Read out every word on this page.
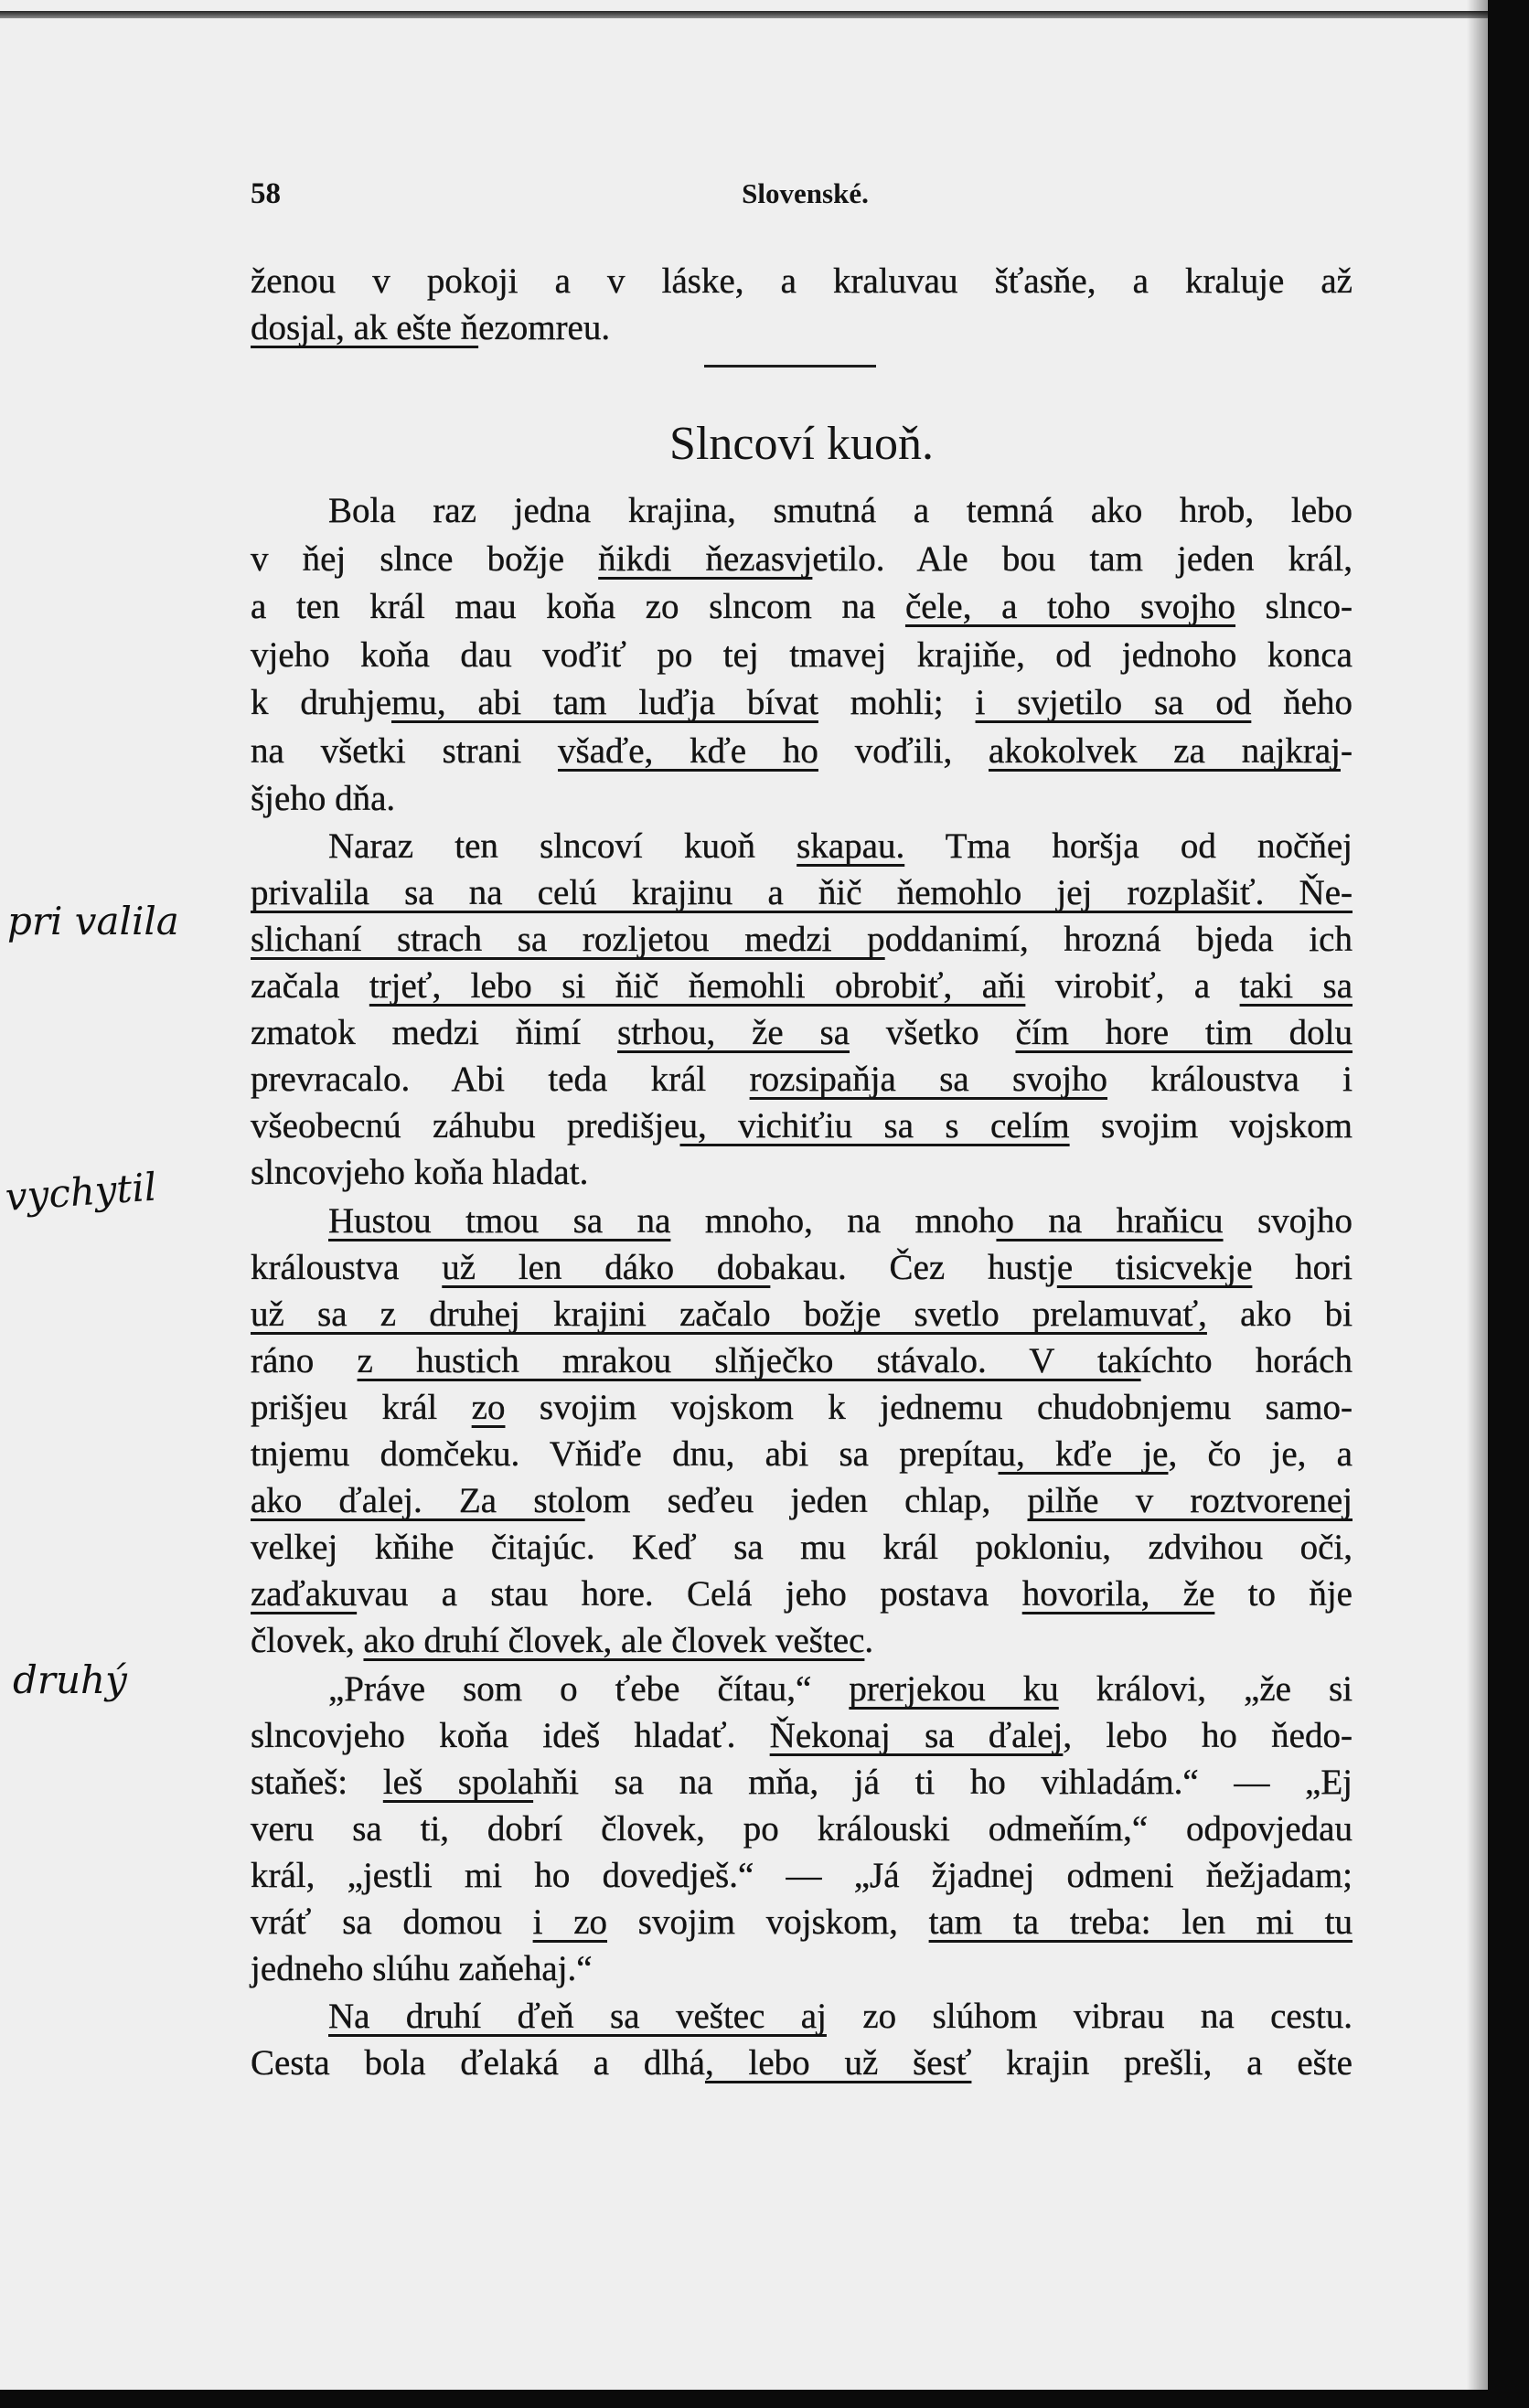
58	Slovenské.
ženou v pokoji a v láske, a kraluvau šťasňe, a kraluje až
dosjal, ak ešte ňezomreu.
Slncoví kuoň.
Bola raz jedna krajina, smutná a temná ako hrob, lebo
v ňej slnce božje ňikdi ňezasvjetilo. Ale bou tam jeden král,
a ten král mau koňa zo slncom na čele, a toho svojho slnco-
vjeho koňa dau voďiť po tej tmavej krajiňe, od jednoho konca
k druhjemu, abi tam luďja bívat mohli; i svjetilo sa od ňeho
na všetki strani všaďe, kďe ho voďili, akokolvek za najkraj-
šjeho dňa.
Naraz ten slncoví kuoň skapau. Tma horšja od nočňej
privalila sa na celú krajinu a ňič ňemohlo jej rozplašiť. Ňe-
slichaní strach sa rozljetou medzi poddanimí, hrozná bjeda ich
začala trjeť, lebo si ňič ňemohli obrobiť, aňi virobiť, a taki sa
zmatok medzi ňimí strhou, že sa všetko čím hore tim dolu
prevracalo. Abi teda král rozsipaňja sa svojho králoustva i
všeobecnú záhubu predišjeu, vichiťiu sa s celím svojim vojskom
slncovjeho koňa hladat.
Hustou tmou sa na mnoho, na mnoho na hraňicu svojho
králoustva už len dáko dobakau. Čez hustje tisicvekje hori
už sa z druhej krajini začalo božje svetlo prelamuvať, ako bi
ráno z hustich mrakou slňječko stávalo. V takíchto horách
prišjeu král zo svojim vojskom k jednemu chudobnjemu samo-
tnjemu domčeku. Vňiďe dnu, abi sa prepítau, kďe je, čo je, a
ako ďalej. Za stolom seďeu jeden chlap, pilňe v roztvorenej
velkej kňihe čitajúc. Keď sa mu král pokloniu, zdvihou oči,
zaďakuvau a stau hore. Celá jeho postava hovorila, že to ňje
človek, ako druhí človek, ale človek veštec.
„Práve som o ťebe čítau,“ prerjekou ku královi, „že si
slncovjeho koňa ideš hladať. Ňekonaj sa ďalej, lebo ho ňedo-
staňeš: leš spolahňi sa na mňa, já ti ho vihladám.“ — „Ej
veru sa ti, dobrí človek, po králouski odmeňím,“ odpovjedau
král, „jestli mi ho dovedješ.“ — „Já žjadnej odmeni ňežjadam;
vráť sa domou i zo svojim vojskom, tam ta treba: len mi tu
jedneho slúhu zaňehaj.“
Na druhí ďeň sa veštec aj zo slúhom vibrau na cestu.
Cesta bola ďelaká a dlhá, lebo už šesť krajin prešli, a ešte
pri valila
vychytil
druhý
